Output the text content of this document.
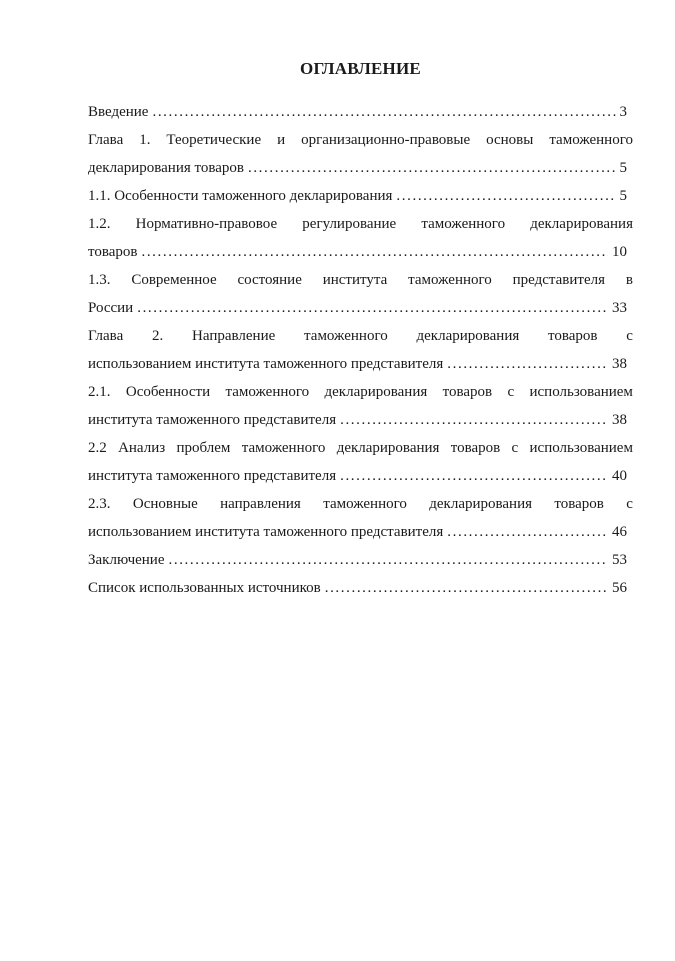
ОГЛАВЛЕНИЕ
Введение .....	3
Глава 1. Теоретические и организационно-правовые основы таможенного
декларирования товаров .....	5
1.1. Особенности таможенного декларирования .....	5
1.2. Нормативно-правовое регулирование таможенного декларирования
товаров .....	10
1.3. Современное состояние института таможенного представителя в
России .....	33
Глава 2. Направление таможенного декларирования товаров с
использованием института таможенного представителя .....	38
2.1. Особенности таможенного декларирования товаров с использованием
института таможенного представителя .....	38
2.2 Анализ проблем таможенного декларирования товаров с использованием
института таможенного представителя .....	40
2.3. Основные направления таможенного декларирования товаров с
использованием института таможенного представителя .....	46
Заключение .....	53
Список использованных источников .....	56
